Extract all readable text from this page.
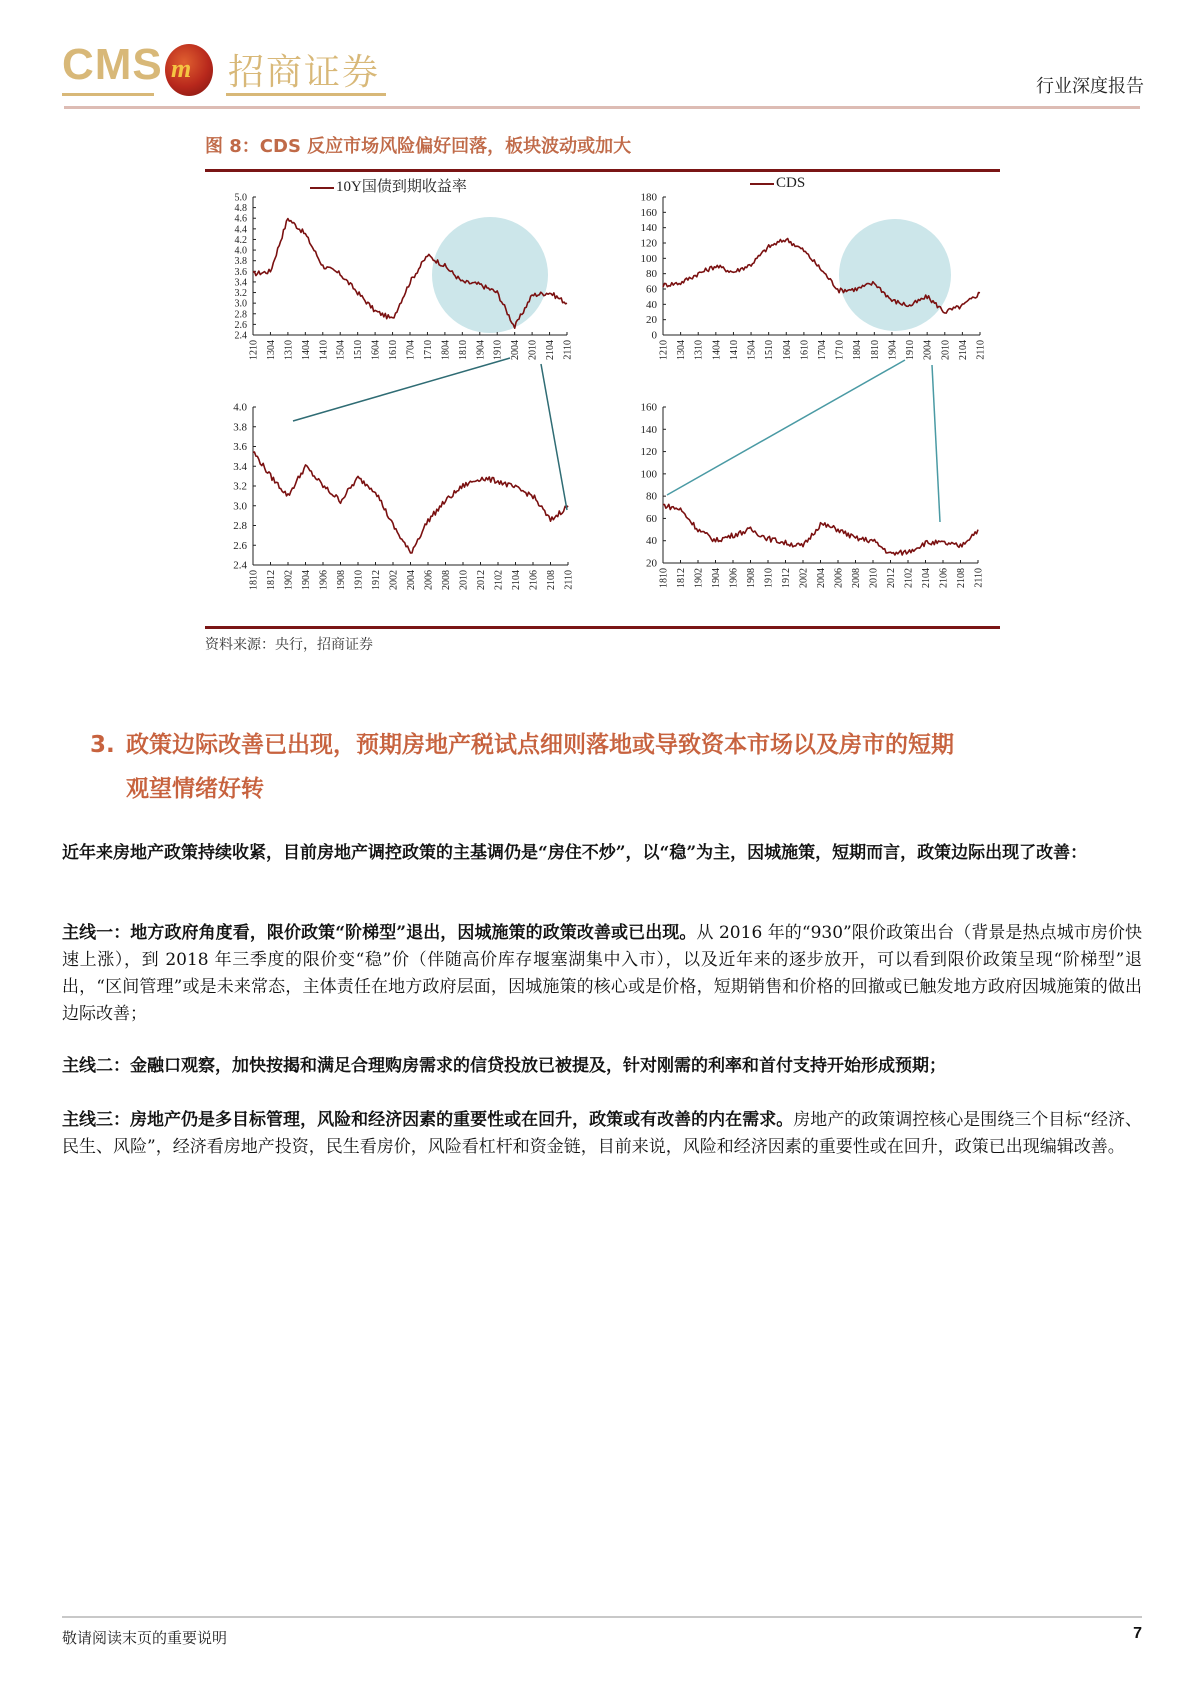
CMS m 招商证券	行业深度报告
图 8：CDS 反应市场风险偏好回落，板块波动或加大
10Y国债到期收益率
5.0
4.8
4.6
4.4
4.2
4.0
3.8
3.6
3.4
3.2
3.0
2.8
2.6
2.4
1210 1304 1310 1404 1410 1504 1510 1604 1610 1704 1710 1804 1810 1904 1910 2004 2010 2104 2110
CDS
180
160
140
120
100
80
60
40
20
0
1210 1304 1310 1404 1410 1504 1510 1604 1610 1704 1710 1804 1810 1904 1910 2004 2010 2104 2110
4.0
3.8
3.6
3.4
3.2
3.0
2.8
2.6
2.4
1810 1812 1902 1904 1906 1908 1910 1912 2002 2004 2006 2008 2010 2012 2102 2104 2106 2108 2110
160
140
120
100
80
60
40
20
1810 1812 1902 1904 1906 1908 1910 1912 2002 2004 2006 2008 2010 2012 2102 2104 2106 2108 2110
资料来源：央行，招商证券
3. 政策边际改善已出现，预期房地产税试点细则落地或导致资本市场以及房市的短期
观望情绪好转
近年来房地产政策持续收紧，目前房地产调控政策的主基调仍是“房住不炒”，以“稳”为主，因城施策，短期而言，政策边际出现了改善：
主线一：地方政府角度看，限价政策“阶梯型”退出，因城施策的政策改善或已出现。从 2016 年的“930”限价政策出台（背景是热点城市房价快速上涨），到 2018 年三季度的限价变“稳”价（伴随高价库存堰塞湖集中入市），以及近年来的逐步放开，可以看到限价政策呈现“阶梯型”退出，“区间管理”或是未来常态，主体责任在地方政府层面，因城施策的核心或是价格，短期销售和价格的回撤或已触发地方政府因城施策的做出边际改善；
主线二：金融口观察，加快按揭和满足合理购房需求的信贷投放已被提及，针对刚需的利率和首付支持开始形成预期；
主线三：房地产仍是多目标管理，风险和经济因素的重要性或在回升，政策或有改善的内在需求。房地产的政策调控核心是围绕三个目标“经济、民生、风险”，经济看房地产投资，民生看房价，风险看杠杆和资金链，目前来说，风险和经济因素的重要性或在回升，政策已出现编辑改善。
敬请阅读末页的重要说明	7
